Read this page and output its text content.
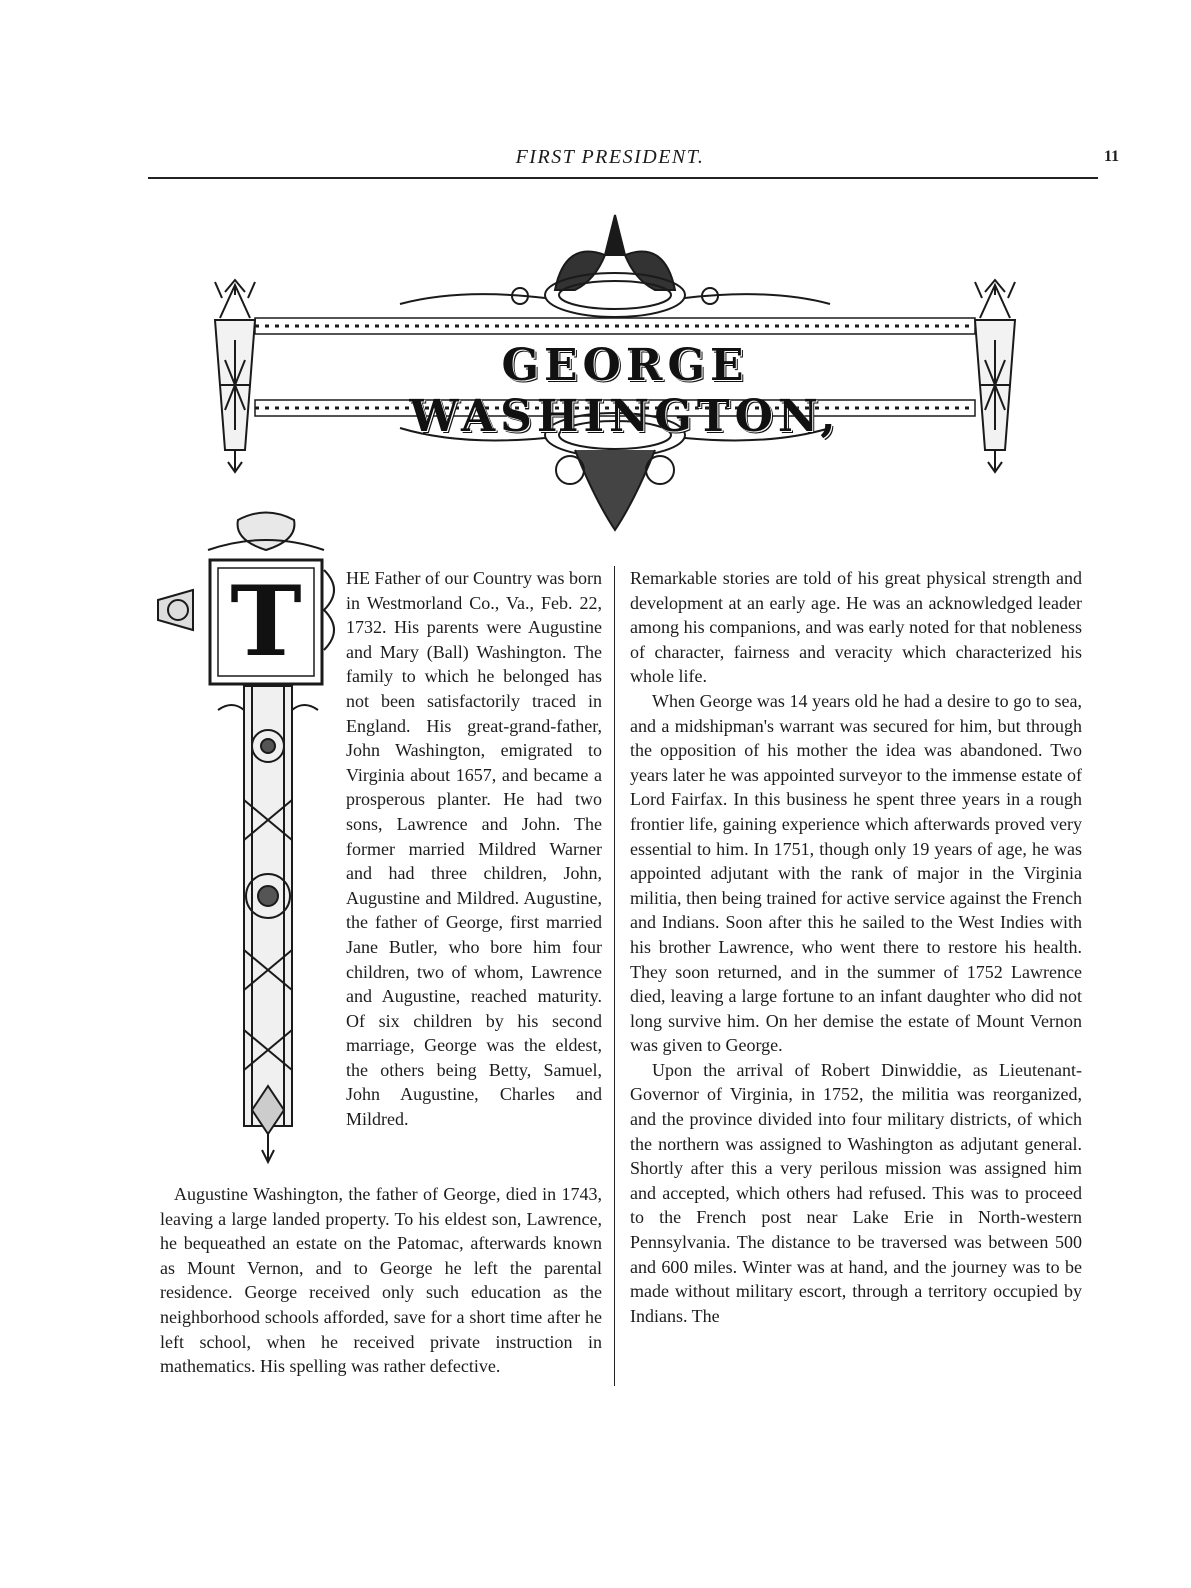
FIRST PRESIDENT.	11
GEORGE WASHINGTON,
T	HE Father of our Country was born in Westmorland Co., Va., Feb. 22, 1732. His parents were Augustine and Mary (Ball) Washington. The family to which he belonged has not been satisfactorily traced in England. His great-grand-father, John Washington, emigrated to Virginia about 1657, and became a prosperous planter. He had two sons, Lawrence and John. The former married Mildred Warner and had three children, John, Augustine and Mildred. Augustine, the father of George, first married Jane Butler, who bore him four children, two of whom, Lawrence and Augustine, reached maturity. Of six children by his second marriage, George was the eldest, the others being Betty, Samuel, John Augustine, Charles and Mildred.

Augustine Washington, the father of George, died in 1743, leaving a large landed property. To his eldest son, Lawrence, he bequeathed an estate on the Patomac, afterwards known as Mount Vernon, and to George he left the parental residence. George received only such education as the neighborhood schools afforded, save for a short time after he left school, when he received private instruction in mathematics. His spelling was rather defective.

Remarkable stories are told of his great physical strength and development at an early age. He was an acknowledged leader among his companions, and was early noted for that nobleness of character, fairness and veracity which characterized his whole life.

When George was 14 years old he had a desire to go to sea, and a midshipman's warrant was secured for him, but through the opposition of his mother the idea was abandoned. Two years later he was appointed surveyor to the immense estate of Lord Fairfax. In this business he spent three years in a rough frontier life, gaining experience which afterwards proved very essential to him. In 1751, though only 19 years of age, he was appointed adjutant with the rank of major in the Virginia militia, then being trained for active service against the French and Indians. Soon after this he sailed to the West Indies with his brother Lawrence, who went there to restore his health. They soon returned, and in the summer of 1752 Lawrence died, leaving a large fortune to an infant daughter who did not long survive him. On her demise the estate of Mount Vernon was given to George.

Upon the arrival of Robert Dinwiddie, as Lieutenant-Governor of Virginia, in 1752, the militia was reorganized, and the province divided into four military districts, of which the northern was assigned to Washington as adjutant general. Shortly after this a very perilous mission was assigned him and accepted, which others had refused. This was to proceed to the French post near Lake Erie in North-western Pennsylvania. The distance to be traversed was between 500 and 600 miles. Winter was at hand, and the journey was to be made without military escort, through a territory occupied by Indians. The
